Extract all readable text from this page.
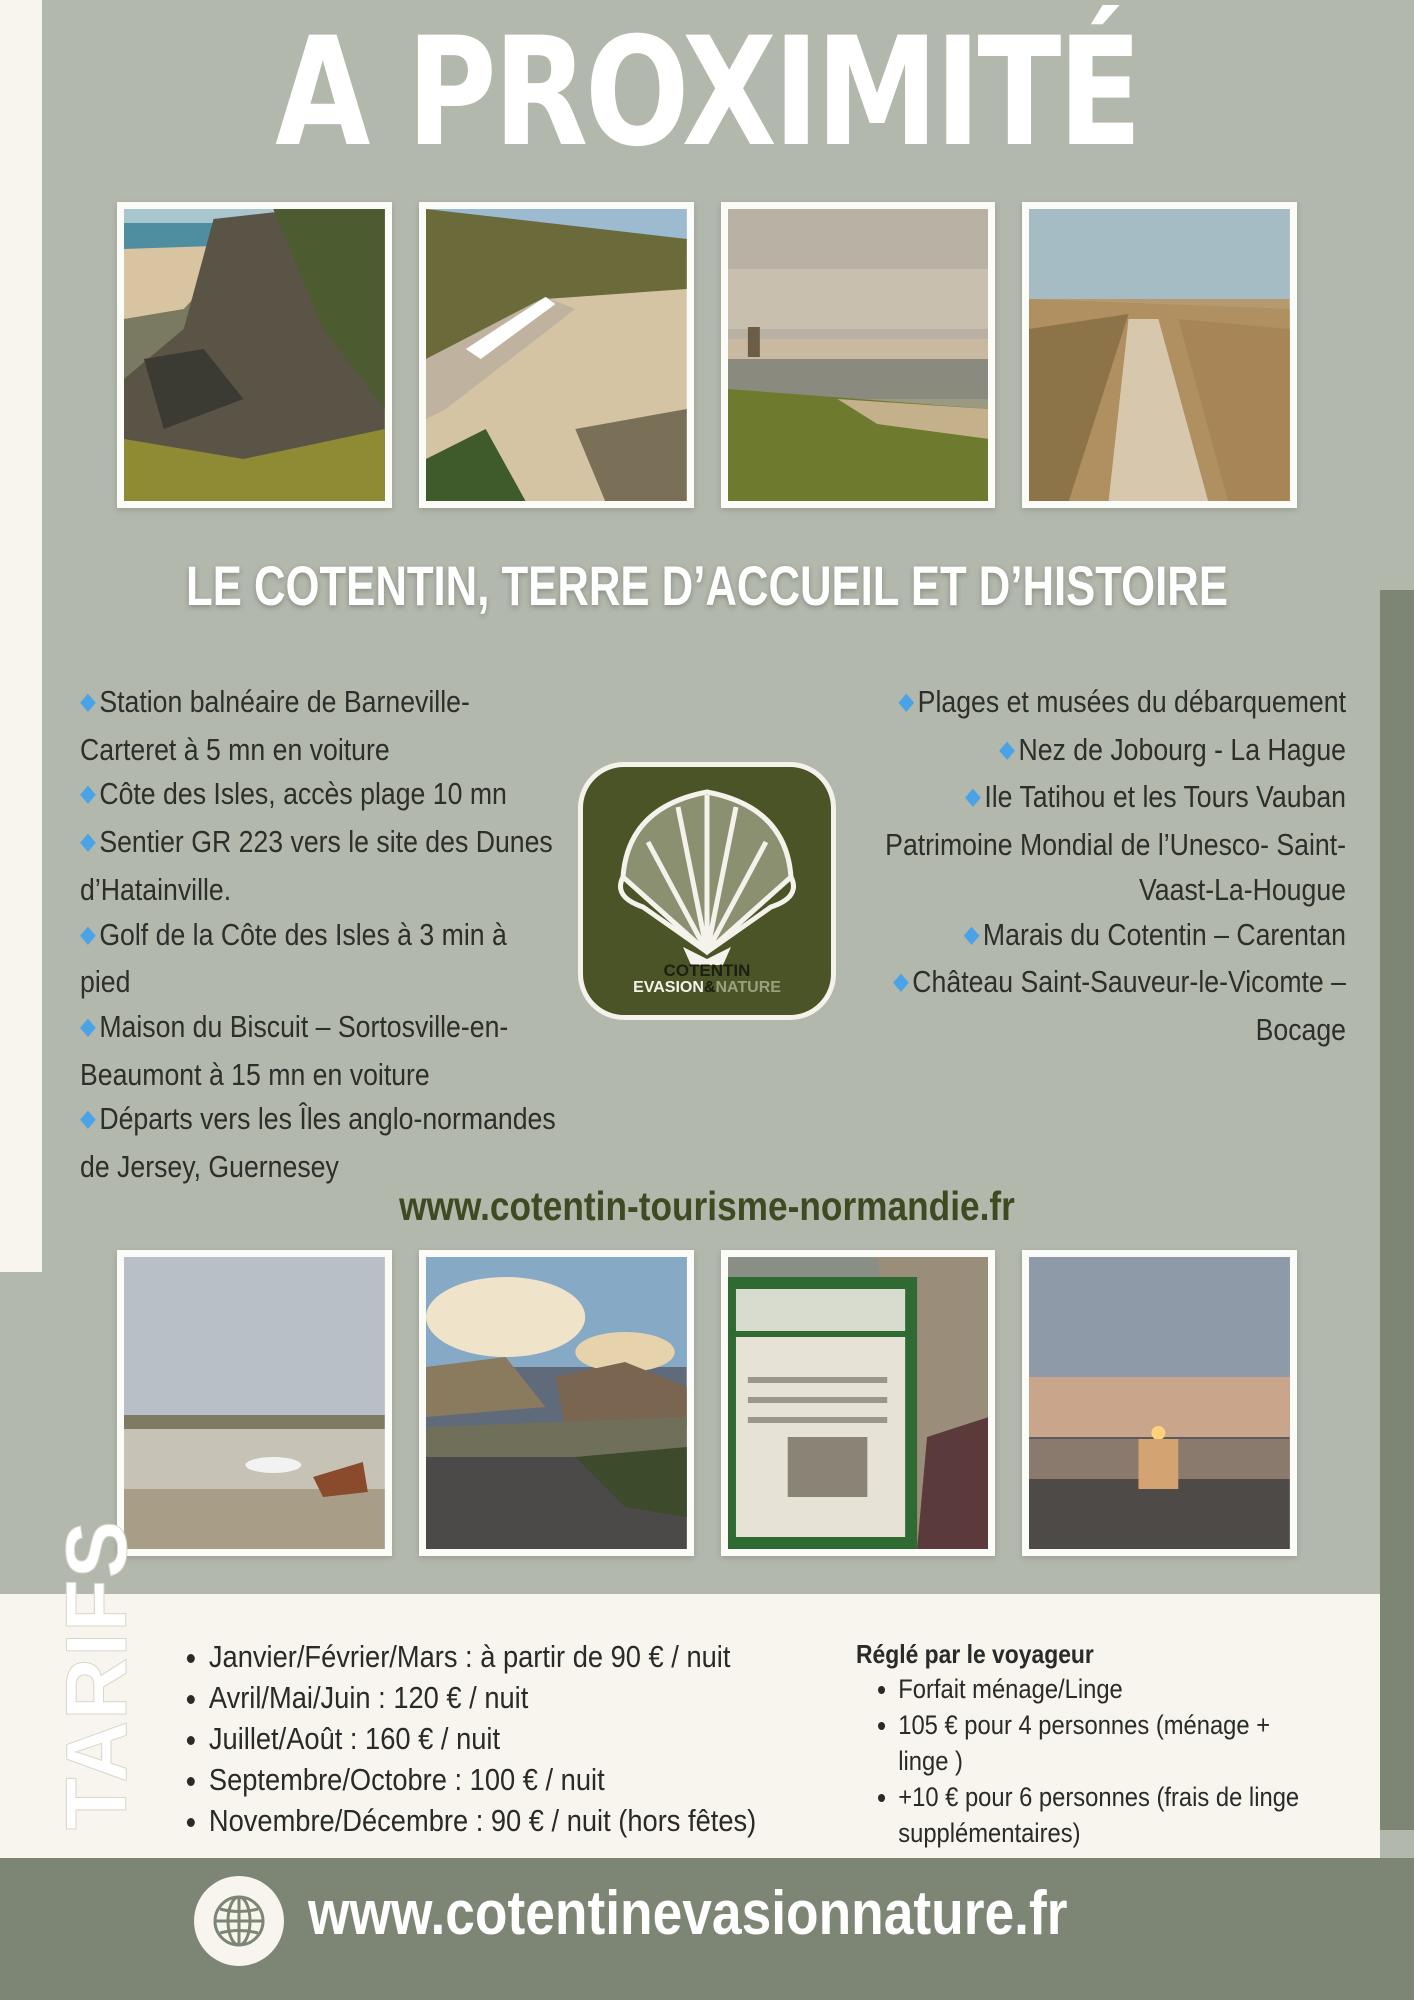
A PROXIMITÉ
LE COTENTIN, TERRE D’ACCUEIL ET D’HISTOIRE

◆ Station balnéaire de Barneville-Carteret à 5 mn en voiture

◆ Côte des Isles, accès plage 10 mn

◆ Sentier GR 223 vers le site des Dunes d’Hatainville.

◆ Golf de la Côte des Isles à 3 min à pied

◆ Maison du Biscuit – Sortosville-en-Beaumont à 15 mn en voiture

◆ Départs vers les Îles anglo-normandes de Jersey, Guernesey

COTENTIN
EVASION&NATURE

◆ Plages et musées du débarquement

◆ Nez de Jobourg - La Hague

◆ Ile Tatihou et les Tours Vauban Patrimoine Mondial de l’Unesco- Saint-Vaast-La-Hougue

◆ Marais du Cotentin – Carentan

◆ Château Saint-Sauveur-le-Vicomte – Bocage

www.cotentin-tourisme-normandie.fr

TARIFS

• Janvier/Février/Mars : à partir de 90 € / nuit
• Avril/Mai/Juin : 120 € / nuit
• Juillet/Août : 160 € / nuit
• Septembre/Octobre : 100 € / nuit
• Novembre/Décembre : 90 € / nuit (hors fêtes)
Réglé par le voyageur
• Forfait ménage/Linge
• 105 € pour 4 personnes (ménage + linge )
• +10 € pour 6 personnes (frais de linge supplémentaires)

www.cotentinevasionnature.fr
